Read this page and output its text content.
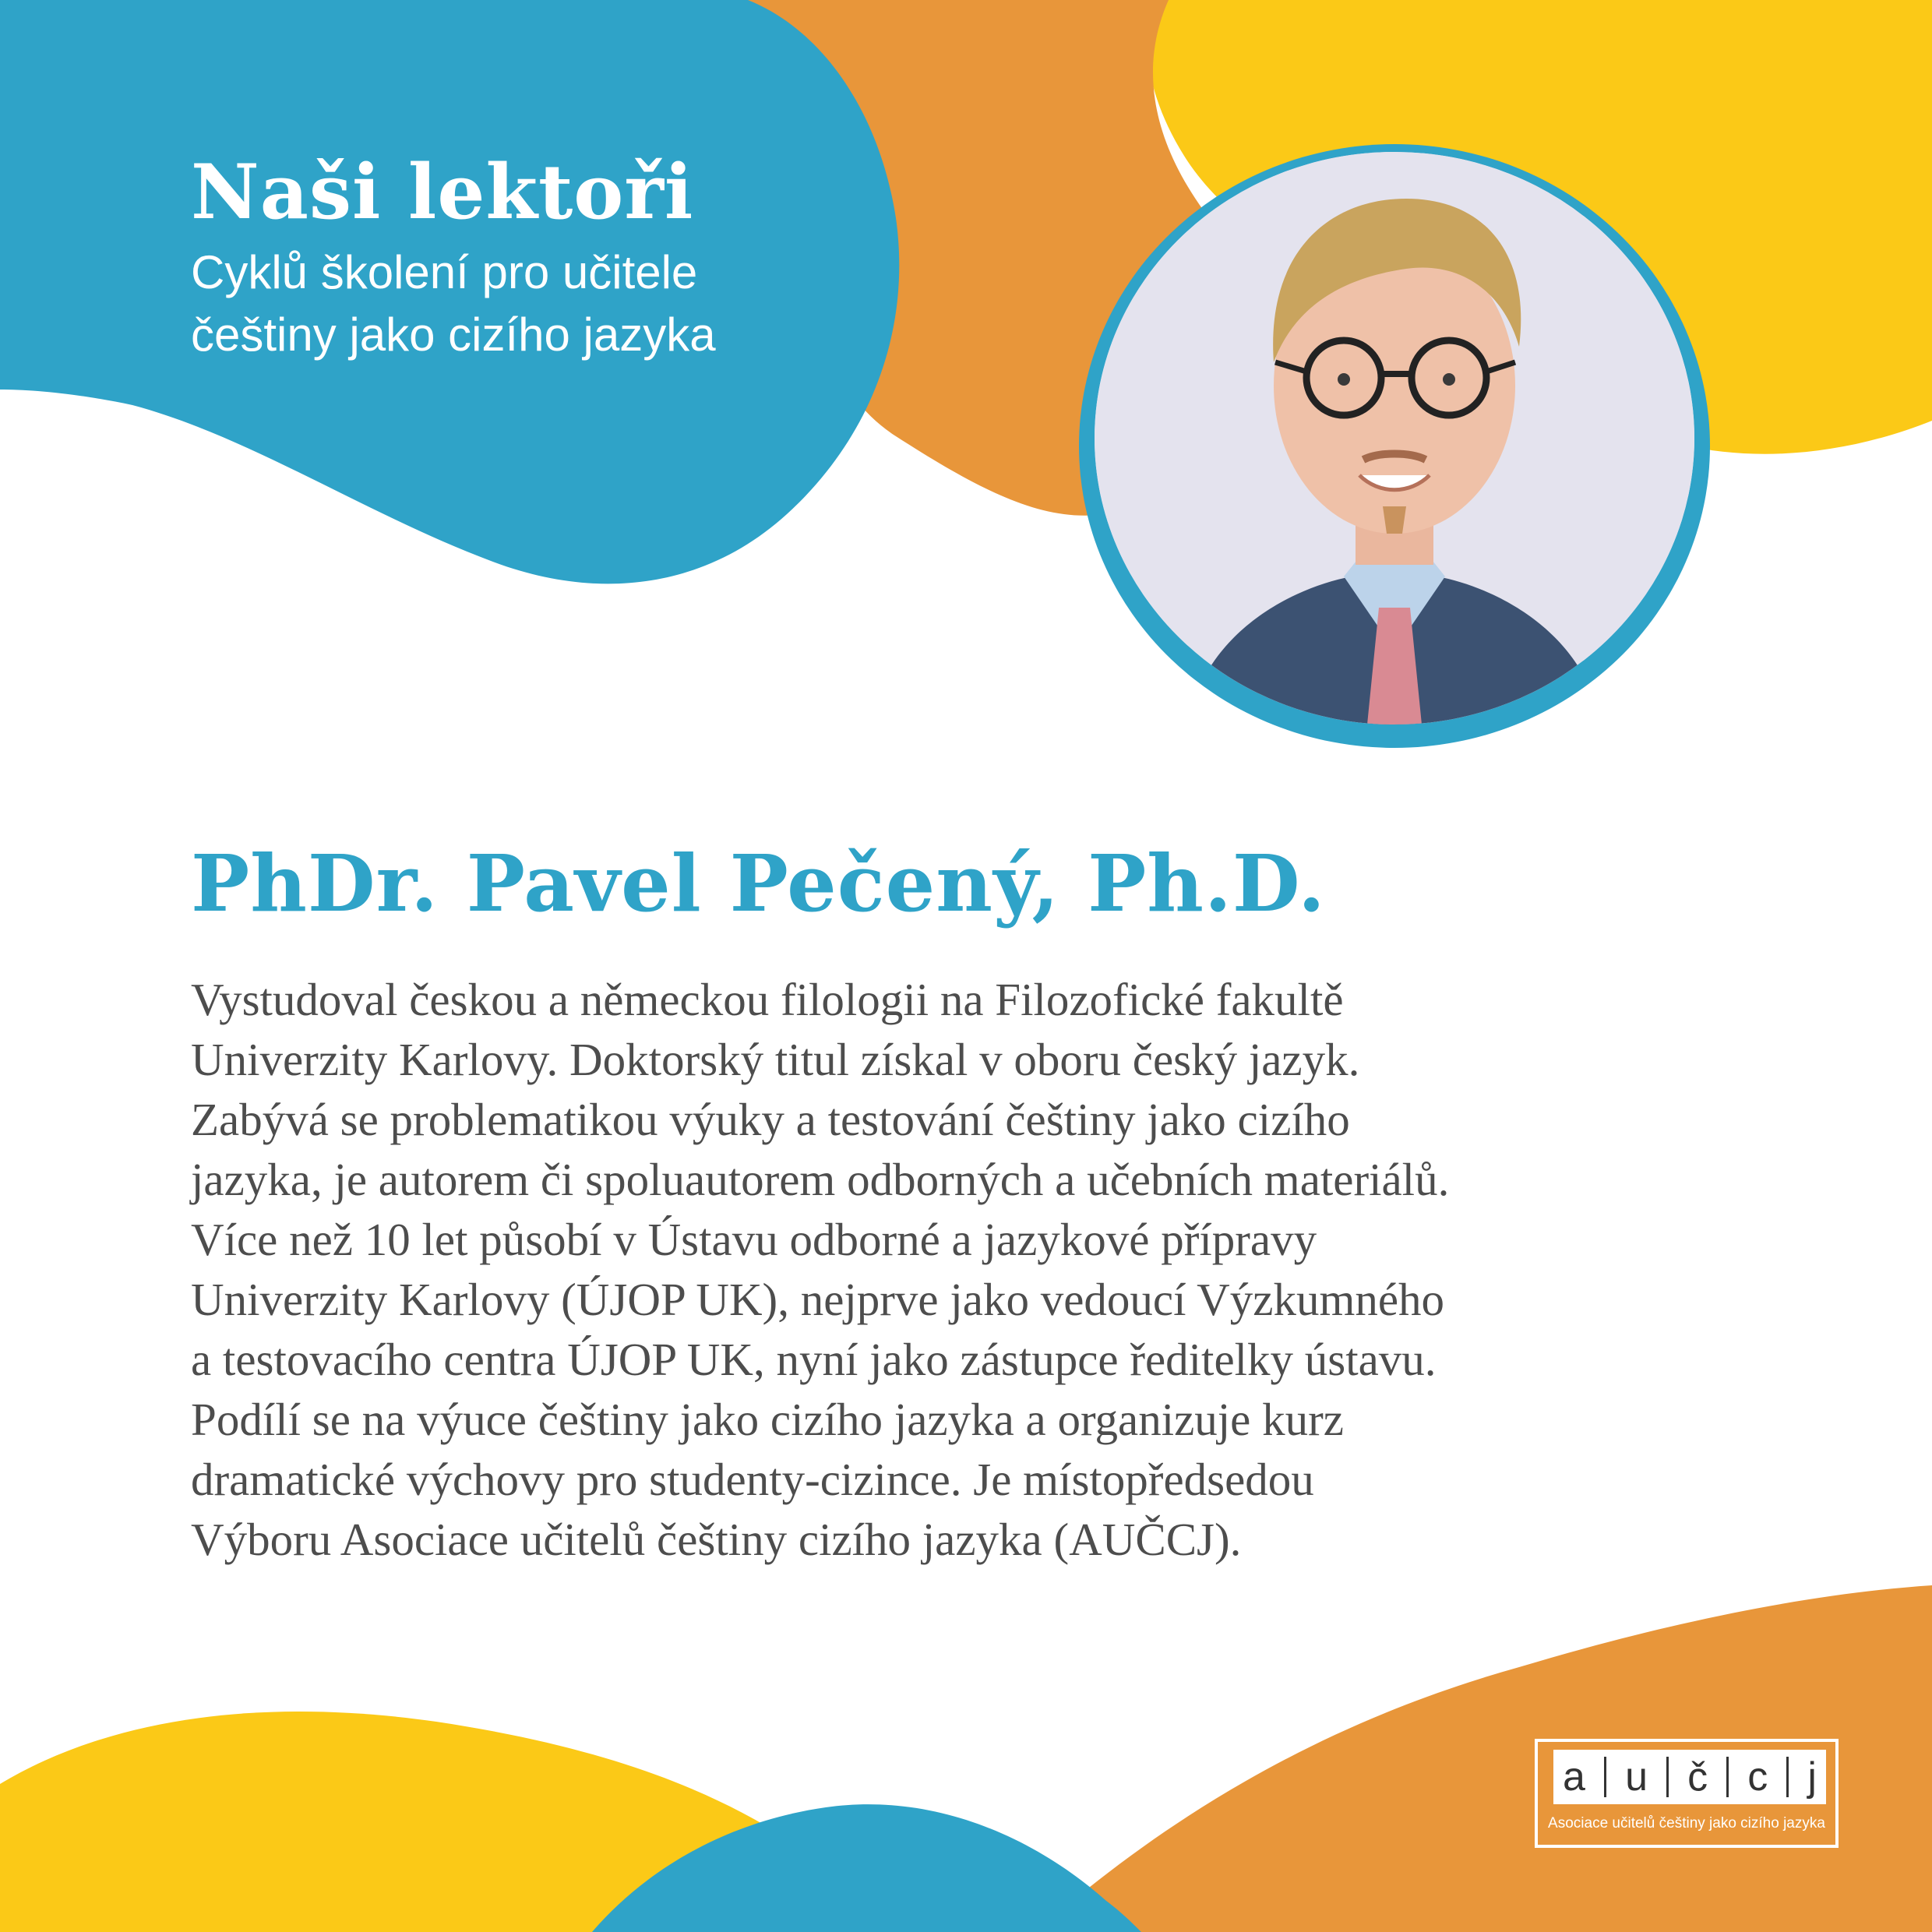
Naši lektoři

Cyklů školení pro učitele

češtiny jako cizího jazyka

PhDr. Pavel Pečený, Ph.D.
Vystudoval českou a německou filologii na Filozofické fakultě
Univerzity Karlovy. Doktorský titul získal v oboru český jazyk.
Zabývá se problematikou výuky a testování češtiny jako cizího
jazyka, je autorem či spoluautorem odborných a učebních materiálů.
Více než 10 let působí v Ústavu odborné a jazykové přípravy
Univerzity Karlovy (ÚJOP UK), nejprve jako vedoucí Výzkumného
a testovacího centra ÚJOP UK, nyní jako zástupce ředitelky ústavu.
Podílí se na výuce češtiny jako cizího jazyka a organizuje kurz
dramatické výchovy pro studenty-cizince. Je místopředsedou
Výboru Asociace učitelů češtiny cizího jazyka (AUČCJ).
a u č c j
Asociace učitelů češtiny jako cizího jazyka
